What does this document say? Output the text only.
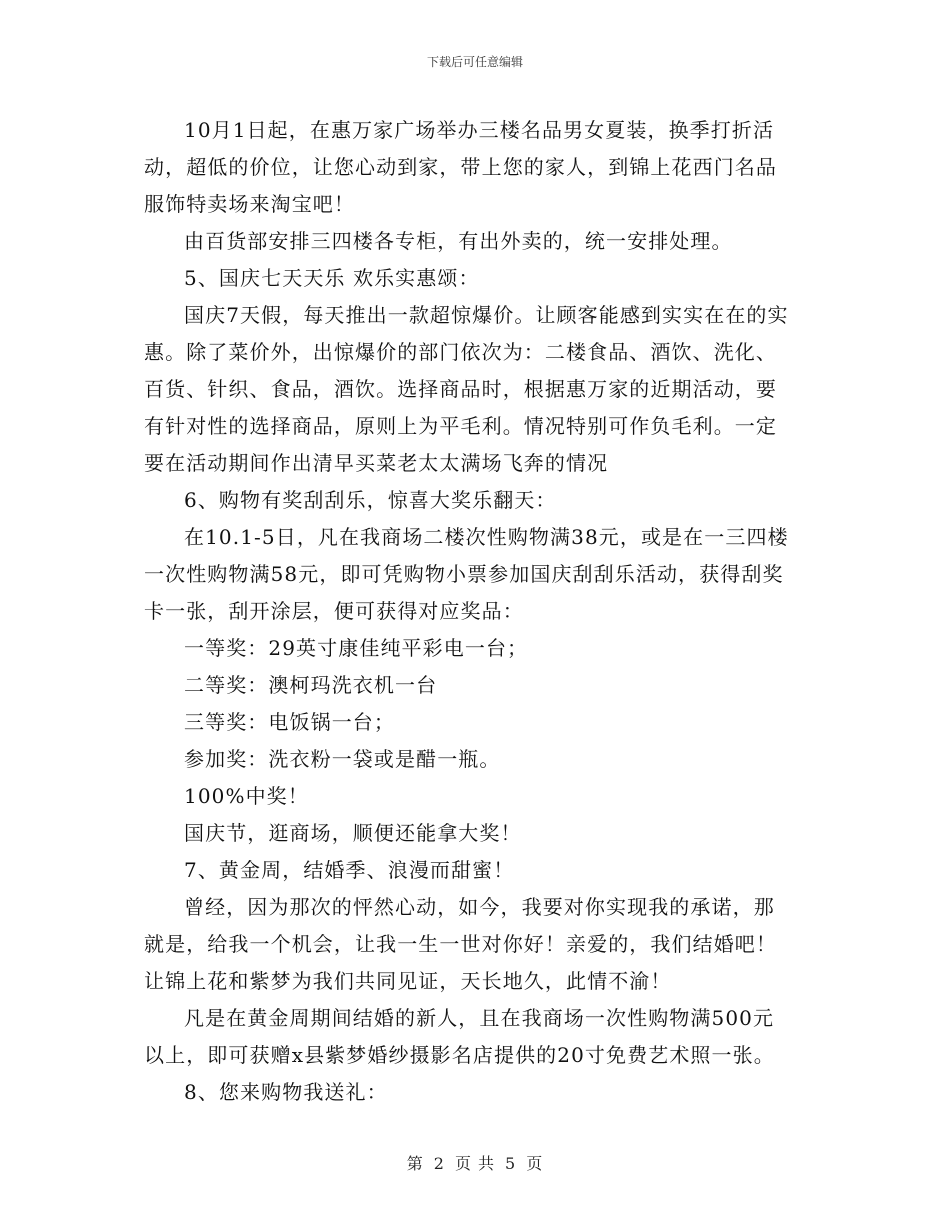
下载后可任意编辑

10月1日起，在惠万家广场举办三楼名品男女夏装，换季打折活动，超低的价位，让您心动到家，带上您的家人，到锦上花西门名品服饰特卖场来淘宝吧！

由百货部安排三四楼各专柜，有出外卖的，统一安排处理。

5、国庆七天天乐 欢乐实惠颂：

国庆7天假，每天推出一款超惊爆价。让顾客能感到实实在在的实惠。除了菜价外，出惊爆价的部门依次为：二楼食品、酒饮、洗化、百货、针织、食品，酒饮。选择商品时，根据惠万家的近期活动，要有针对性的选择商品，原则上为平毛利。情况特别可作负毛利。一定要在活动期间作出清早买菜老太太满场飞奔的情况

6、购物有奖刮刮乐，惊喜大奖乐翻天：

在10.1-5日，凡在我商场二楼次性购物满38元，或是在一三四楼一次性购物满58元，即可凭购物小票参加国庆刮刮乐活动，获得刮奖卡一张，刮开涂层，便可获得对应奖品：

一等奖：29英寸康佳纯平彩电一台；

二等奖：澳柯玛洗衣机一台

三等奖：电饭锅一台；

参加奖：洗衣粉一袋或是醋一瓶。

100%中奖！

国庆节，逛商场，顺便还能拿大奖！

7、黄金周，结婚季、浪漫而甜蜜！

曾经，因为那次的怦然心动，如今，我要对你实现我的承诺，那就是，给我一个机会，让我一生一世对你好！亲爱的，我们结婚吧！让锦上花和紫梦为我们共同见证，天长地久，此情不渝！

凡是在黄金周期间结婚的新人，且在我商场一次性购物满500元以上，即可获赠x县紫梦婚纱摄影名店提供的20寸免费艺术照一张。

8、您来购物我送礼：

第 2 页 共 5 页
